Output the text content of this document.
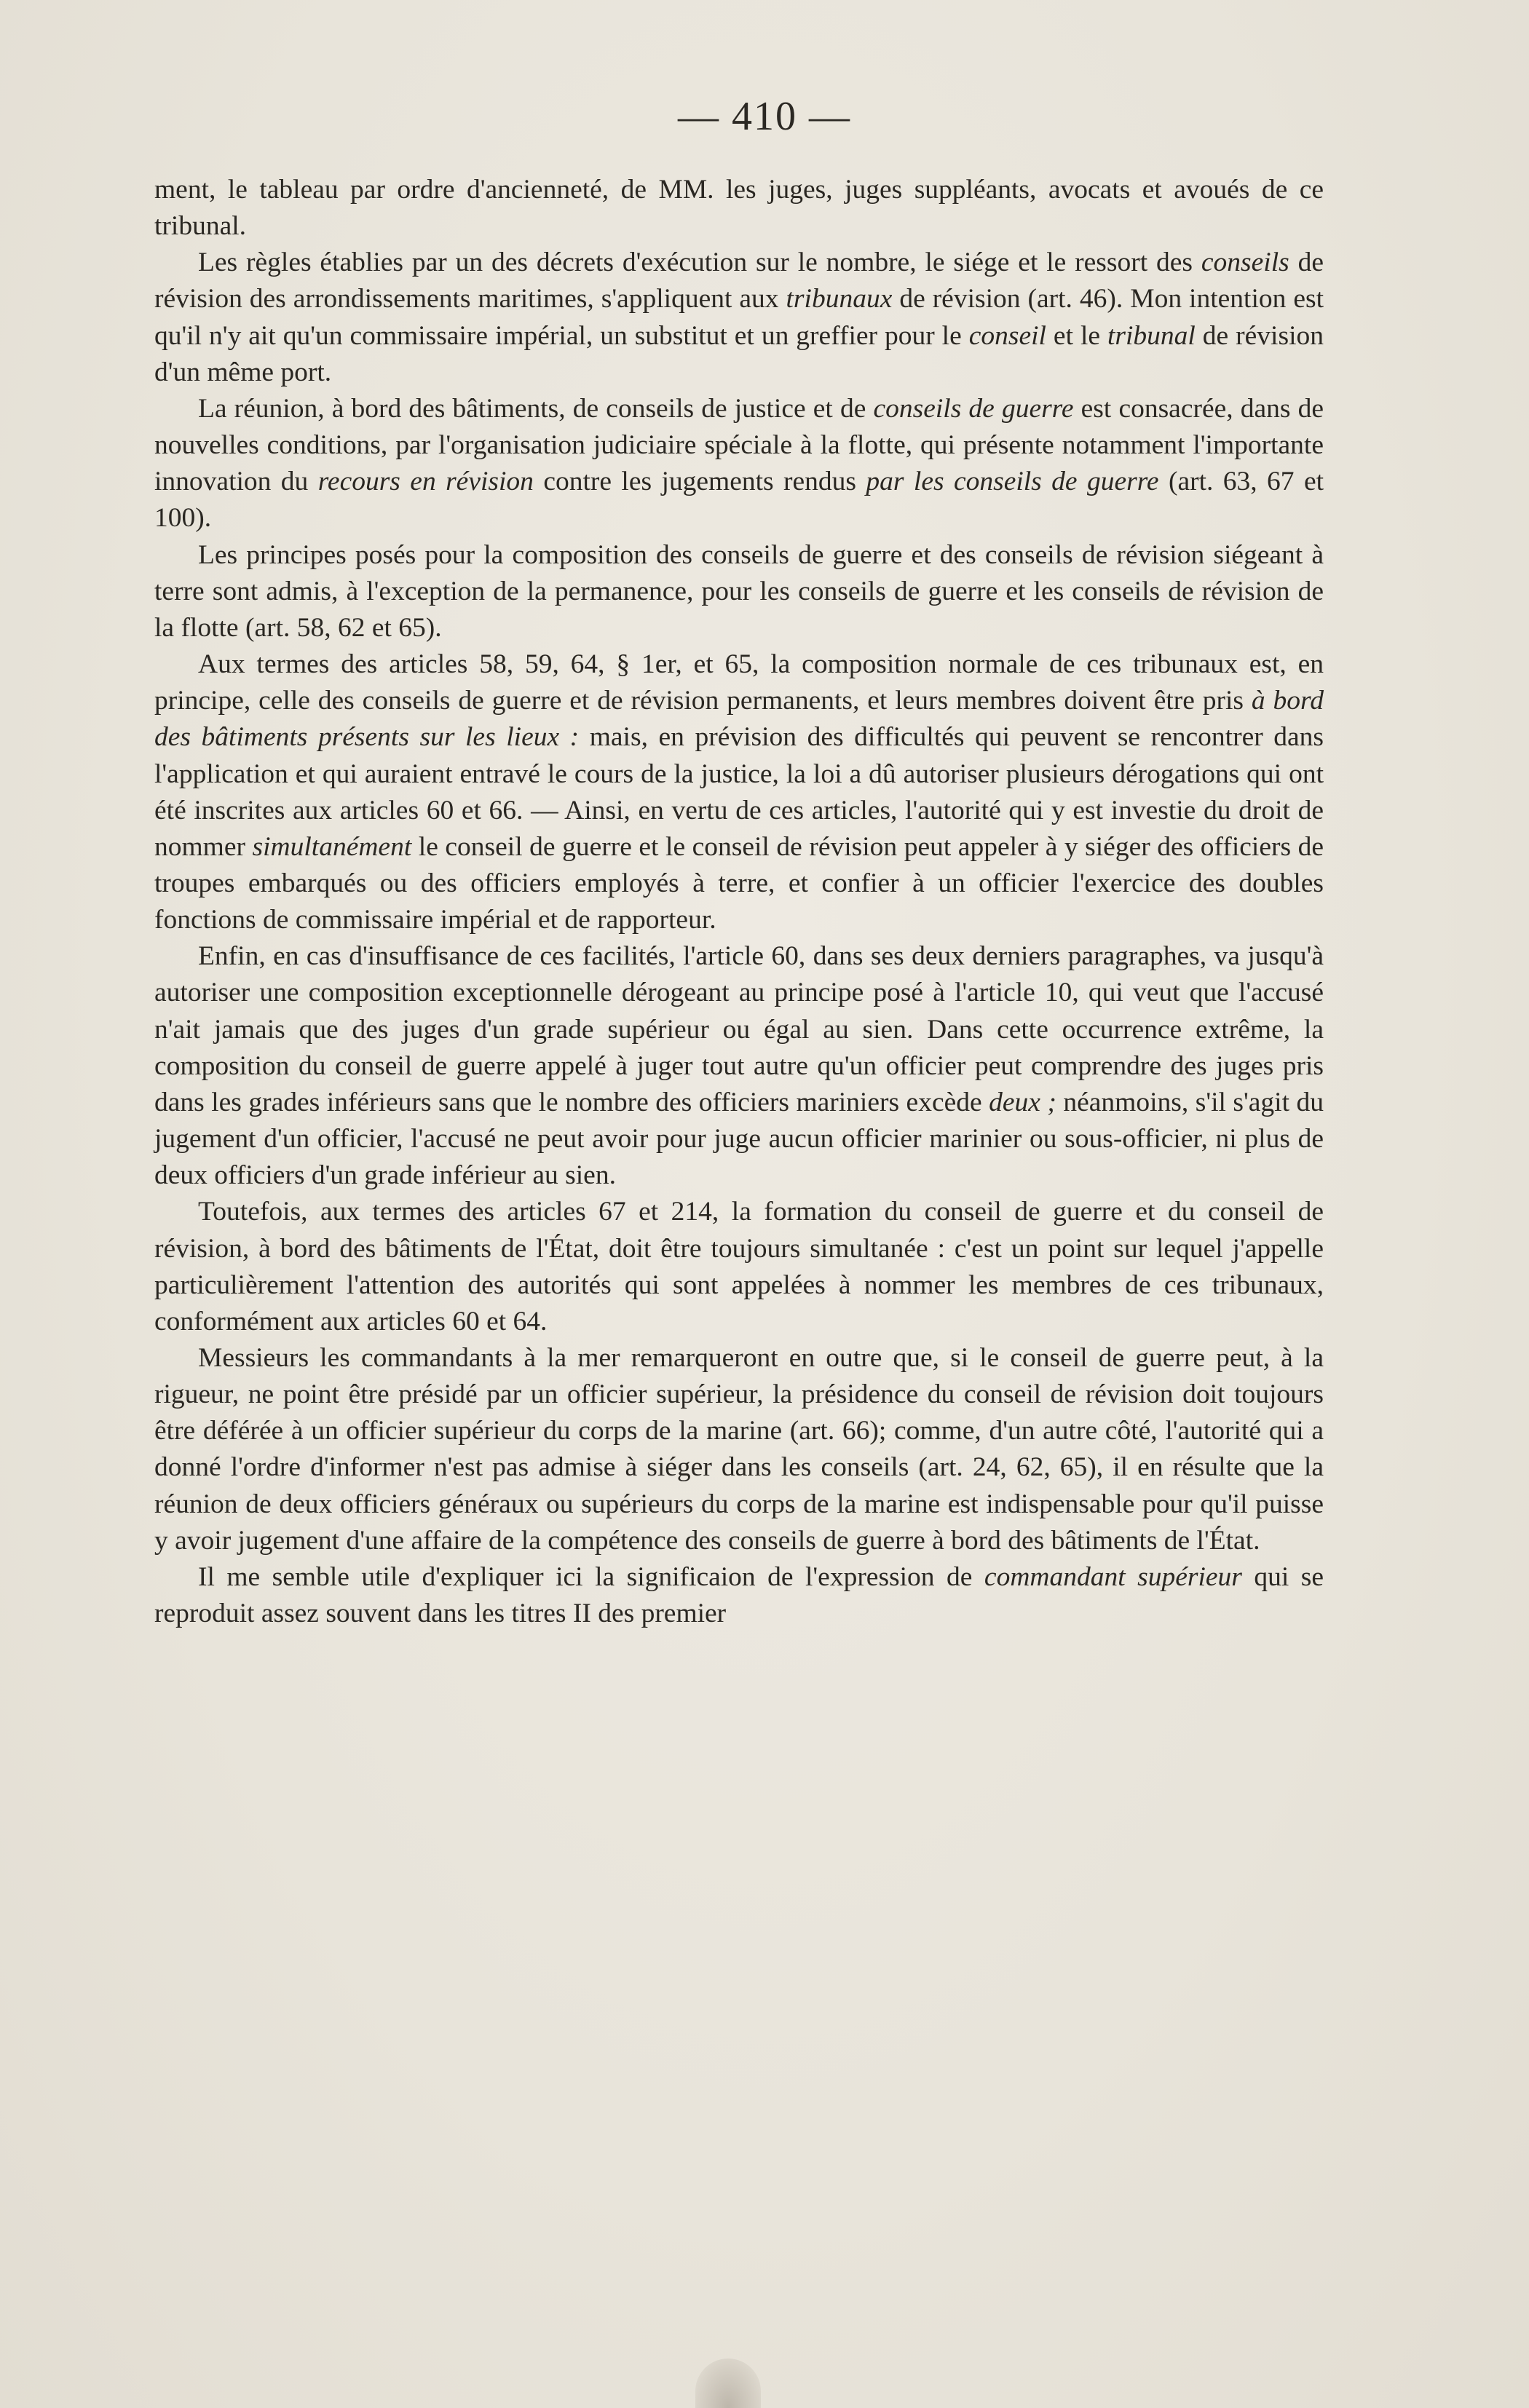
— 410 —

ment, le tableau par ordre d'ancienneté, de MM. les juges, juges suppléants, avocats et avoués de ce tribunal.

Les règles établies par un des décrets d'exécution sur le nombre, le siége et le ressort des conseils de révision des arrondissements maritimes, s'appliquent aux tribunaux de révision (art. 46). Mon intention est qu'il n'y ait qu'un commissaire impérial, un substitut et un greffier pour le conseil et le tribunal de révision d'un même port.

La réunion, à bord des bâtiments, de conseils de justice et de conseils de guerre est consacrée, dans de nouvelles conditions, par l'organisation judiciaire spéciale à la flotte, qui présente notamment l'importante innovation du recours en révision contre les jugements rendus par les conseils de guerre (art. 63, 67 et 100).

Les principes posés pour la composition des conseils de guerre et des conseils de révision siégeant à terre sont admis, à l'exception de la permanence, pour les conseils de guerre et les conseils de révision de la flotte (art. 58, 62 et 65).

Aux termes des articles 58, 59, 64, § 1er, et 65, la composition normale de ces tribunaux est, en principe, celle des conseils de guerre et de révision permanents, et leurs membres doivent être pris à bord des bâtiments présents sur les lieux : mais, en prévision des difficultés qui peuvent se rencontrer dans l'application et qui auraient entravé le cours de la justice, la loi a dû autoriser plusieurs dérogations qui ont été inscrites aux articles 60 et 66. — Ainsi, en vertu de ces articles, l'autorité qui y est investie du droit de nommer simultanément le conseil de guerre et le conseil de révision peut appeler à y siéger des officiers de troupes embarqués ou des officiers employés à terre, et confier à un officier l'exercice des doubles fonctions de commissaire impérial et de rapporteur.

Enfin, en cas d'insuffisance de ces facilités, l'article 60, dans ses deux derniers paragraphes, va jusqu'à autoriser une composition exceptionnelle dérogeant au principe posé à l'article 10, qui veut que l'accusé n'ait jamais que des juges d'un grade supérieur ou égal au sien. Dans cette occurrence extrême, la composition du conseil de guerre appelé à juger tout autre qu'un officier peut comprendre des juges pris dans les grades inférieurs sans que le nombre des officiers mariniers excède deux ; néanmoins, s'il s'agit du jugement d'un officier, l'accusé ne peut avoir pour juge aucun officier marinier ou sous-officier, ni plus de deux officiers d'un grade inférieur au sien.

Toutefois, aux termes des articles 67 et 214, la formation du conseil de guerre et du conseil de révision, à bord des bâtiments de l'État, doit être toujours simultanée : c'est un point sur lequel j'appelle particulièrement l'attention des autorités qui sont appelées à nommer les membres de ces tribunaux, conformément aux articles 60 et 64.

Messieurs les commandants à la mer remarqueront en outre que, si le conseil de guerre peut, à la rigueur, ne point être présidé par un officier supérieur, la présidence du conseil de révision doit toujours être déférée à un officier supérieur du corps de la marine (art. 66); comme, d'un autre côté, l'autorité qui a donné l'ordre d'informer n'est pas admise à siéger dans les conseils (art. 24, 62, 65), il en résulte que la réunion de deux officiers généraux ou supérieurs du corps de la marine est indispensable pour qu'il puisse y avoir jugement d'une affaire de la compétence des conseils de guerre à bord des bâtiments de l'État.

Il me semble utile d'expliquer ici la significaion de l'expression de commandant supérieur qui se reproduit assez souvent dans les titres II des premier
